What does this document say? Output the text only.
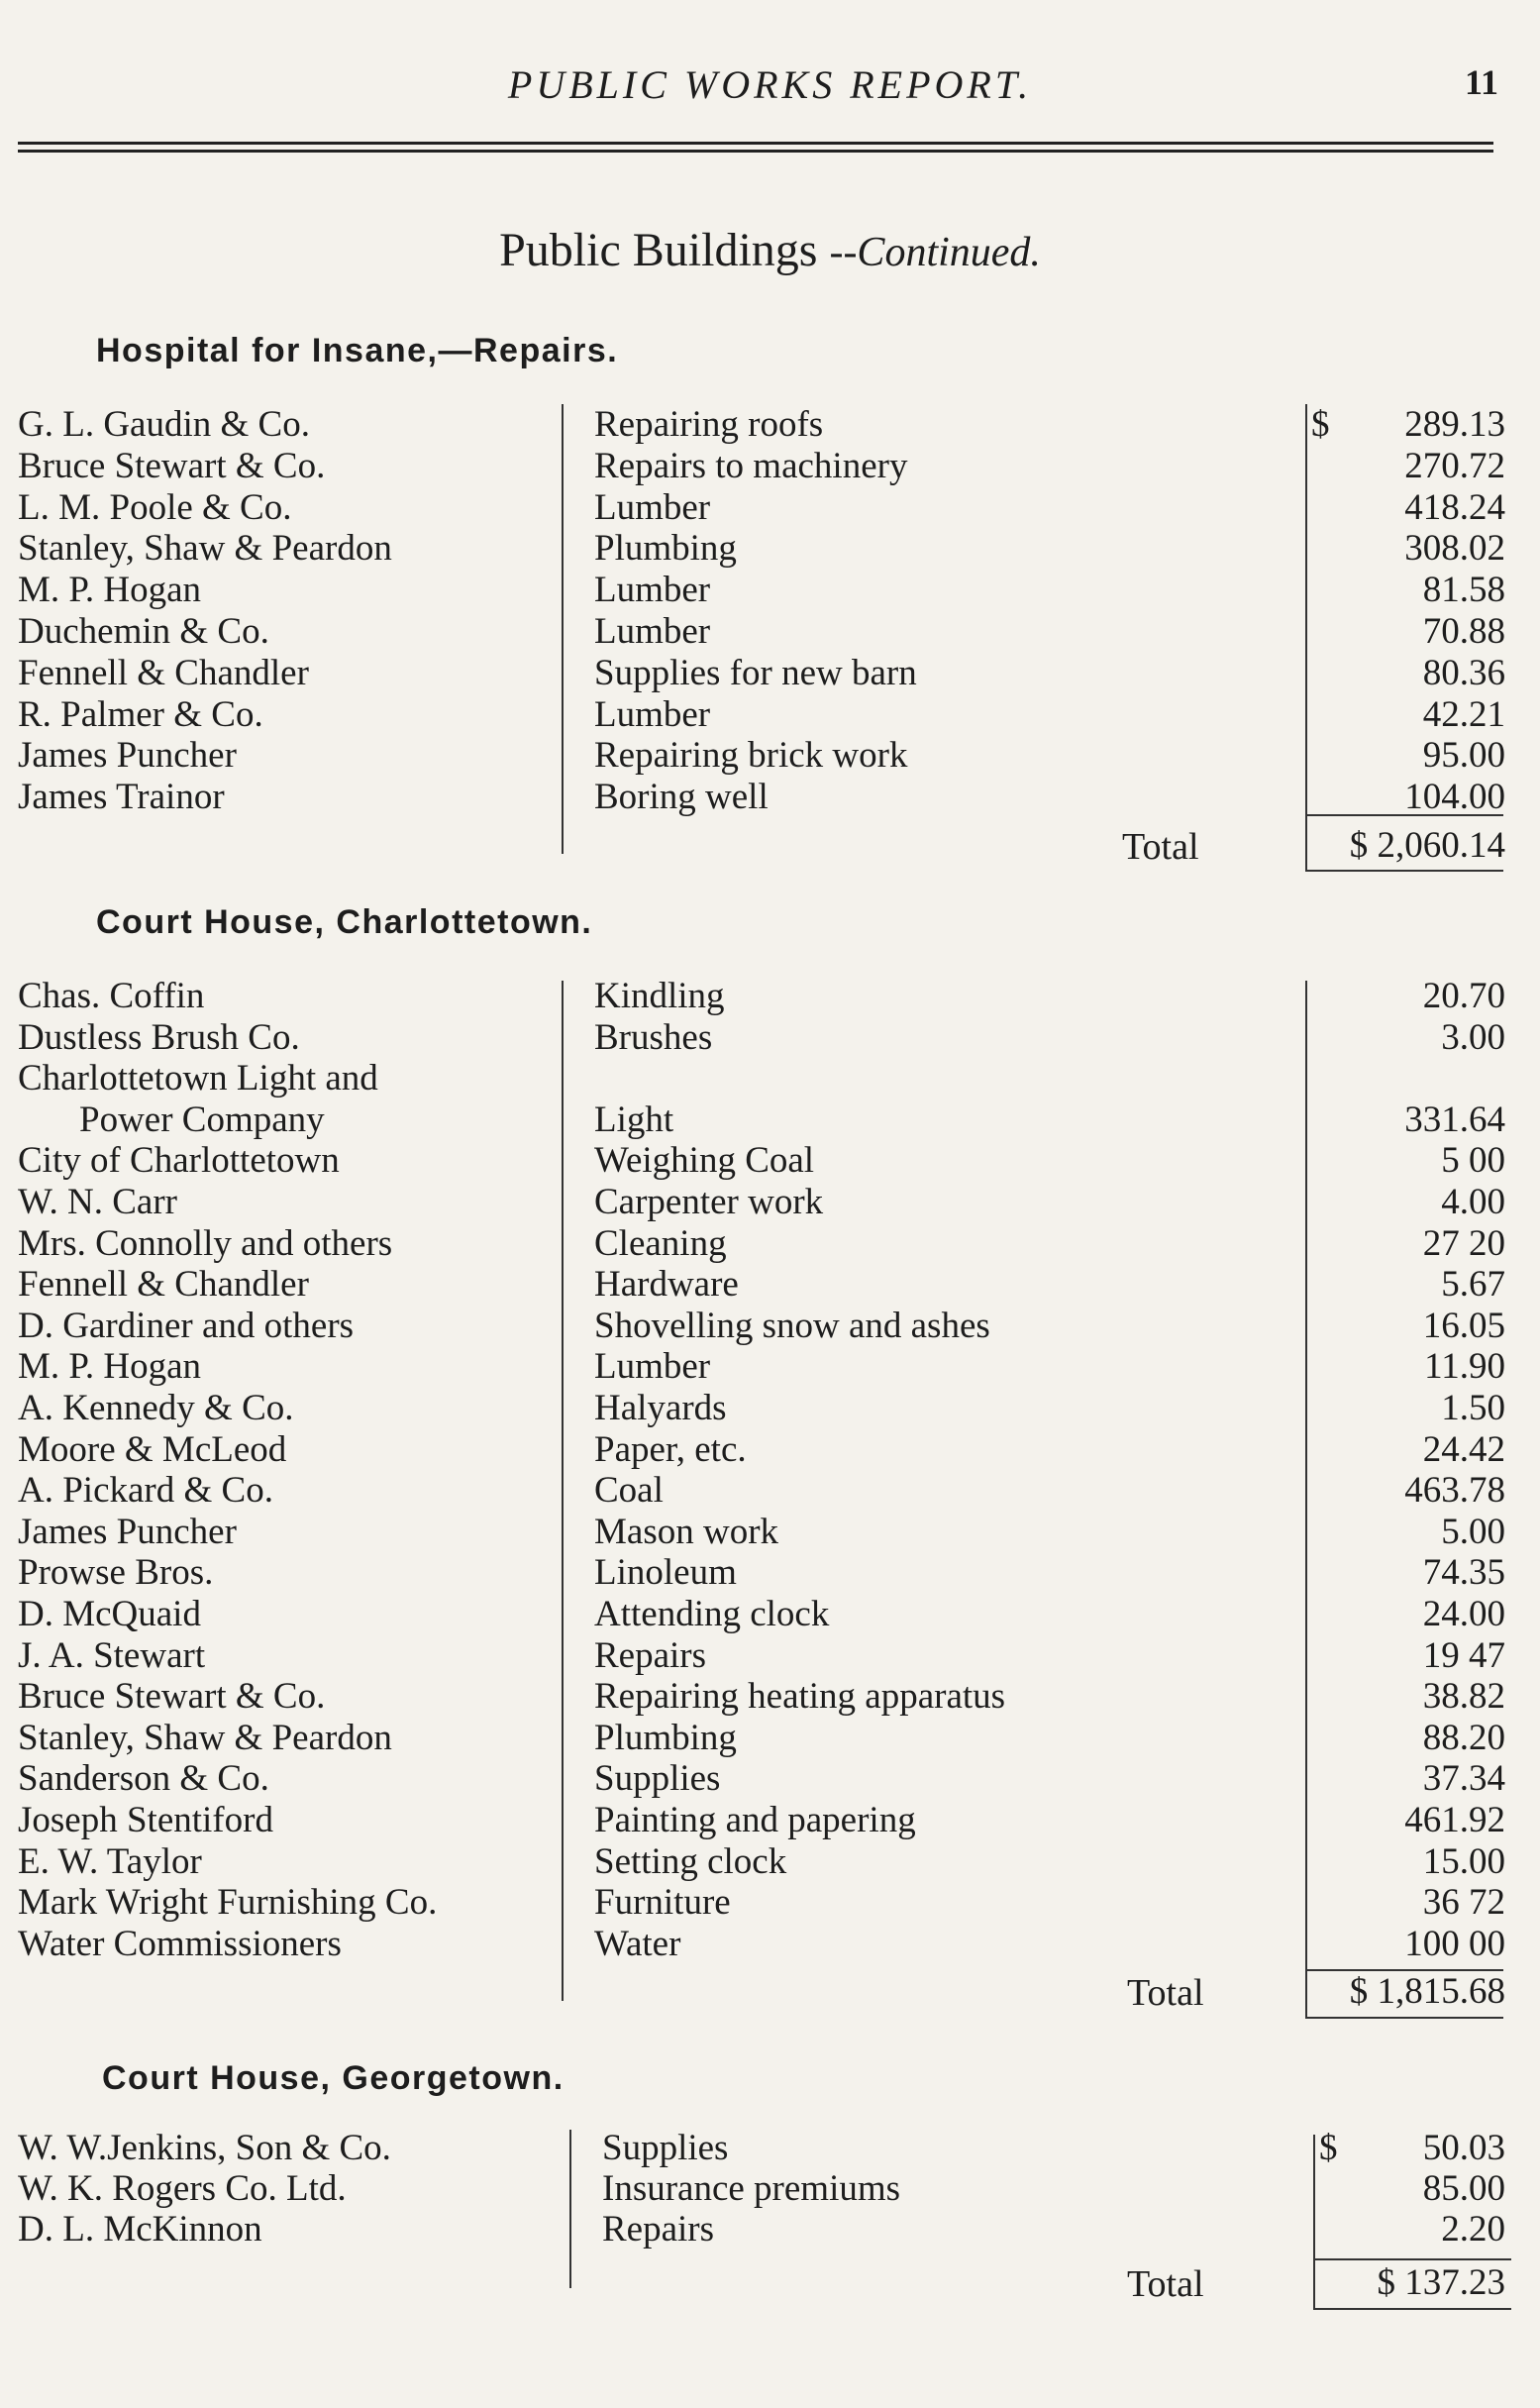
PUBLIC WORKS REPORT.	11
Public Buildings --Continued.
Hospital for Insane,—Repairs.
G. L. Gaudin & Co.	Repairing roofs	289.13
Bruce Stewart & Co.	Repairs to machinery	270.72
L. M. Poole & Co.	Lumber	418.24
Stanley, Shaw & Peardon	Plumbing	308.02
M. P. Hogan	Lumber	81.58
Duchemin & Co.	Lumber	70.88
Fennell & Chandler	Supplies for new barn	80.36
R. Palmer & Co.	Lumber	42.21
James Puncher	Repairing brick work	95.00
James Trainor	Boring well	104.00
$
Total	$ 2,060.14
Court House, Charlottetown.
Chas. Coffin	Kindling	20.70
Dustless Brush Co.	Brushes	3.00
Charlottetown Light and
Power Company	Light	331.64
City of Charlottetown	Weighing Coal	5 00
W. N. Carr	Carpenter work	4.00
Mrs. Connolly and others	Cleaning	27 20
Fennell & Chandler	Hardware	5.67
D. Gardiner and others	Shovelling snow and ashes	16.05
M. P. Hogan	Lumber	11.90
A. Kennedy & Co.	Halyards	1.50
Moore & McLeod	Paper, etc.	24.42
A. Pickard & Co.	Coal	463.78
James Puncher	Mason work	5.00
Prowse Bros.	Linoleum	74.35
D. McQuaid	Attending clock	24.00
J. A. Stewart	Repairs	19 47
Bruce Stewart & Co.	Repairing heating apparatus	38.82
Stanley, Shaw & Peardon	Plumbing	88.20
Sanderson & Co.	Supplies	37.34
Joseph Stentiford	Painting and papering	461.92
E. W. Taylor	Setting clock	15.00
Mark Wright Furnishing Co.	Furniture	36 72
Water Commissioners	Water	100 00
Total	$ 1,815.68
Court House, Georgetown.
W. W.Jenkins, Son & Co.	Supplies	50.03
W. K. Rogers Co. Ltd.	Insurance premiums	85.00
D. L. McKinnon	Repairs	2.20
$
Total	$ 137.23
